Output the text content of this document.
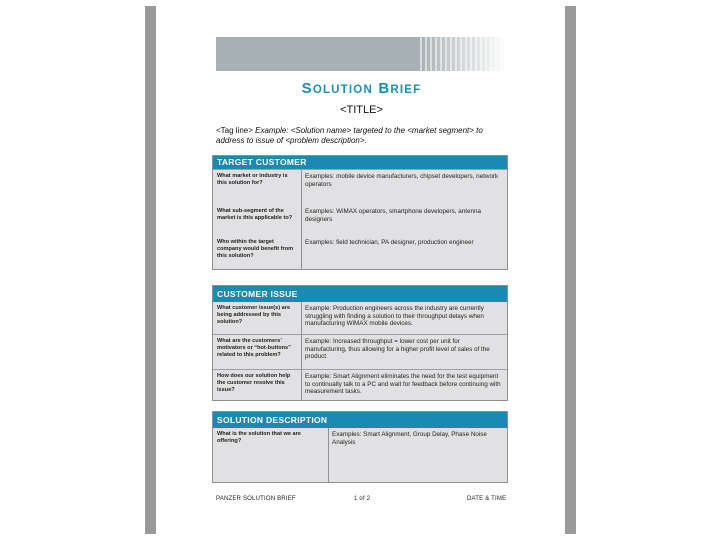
SOLUTION BRIEF
<TITLE>
<Tag line> Example: <Solution name> targeted to the <market segment> to address to issue of <problem description>.
TARGET CUSTOMER
What market or industry is this solution for?
Examples: mobile device manufacturers, chipset developers, network operators
What sub-segment of the market is this applicable to?
Examples: WiMAX operators, smartphone developers, antenna designers
Who within the target company would benefit from this solution?
Examples: field technician, PA designer, production engineer
CUSTOMER ISSUE
What customer issue(s) are being addressed by this solution?
Example: Production engineers across the industry are currently struggling with finding a solution to their throughput delays when manufacturing WiMAX mobile devices.
What are the customers’ motivators or “hot-buttons” related to this problem?
Example: Increased throughput = lower cost per unit for manufacturing, thus allowing for a higher profit level of sales of the product.
How does our solution help the customer resolve this issue?
Example: Smart Alignment eliminates the need for the test equipment to continually talk to a PC and wait for feedback before continuing with measurement tasks.
SOLUTION DESCRIPTION
What is the solution that we are offering?
Examples: Smart Alignment, Group Delay, Phase Noise Analysis
PANZER SOLUTION BRIEF	1 of 2	DATE & TIME
